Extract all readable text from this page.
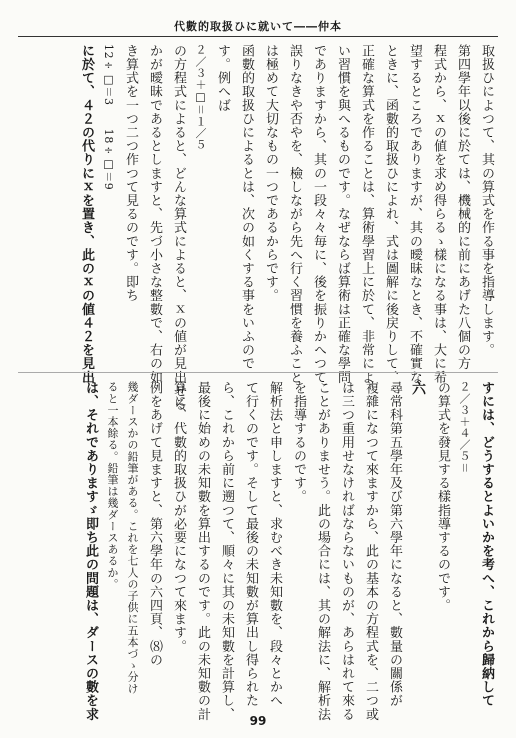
代數的取扱ひに就いて――仲本
取扱ひによつて、其の算式を作る事を指導します。
第四學年以後に於ては、機械的に前にあげた八個の方
程式から、ｘの値を求め得らるゝ樣になる事は、大に希
望するところでありますが、其の曖昧なとき、不確實な
ときに、函數的取扱ひによれ、式は圖解に後戻りして、
正確な算式を作ることは、算術學習上に於て、非常によ
い習慣を與へるものです。なぜならば算術は正確な學問
でありますから、其の一段々々毎に、後を振りかへつて
誤りなきや否やを、檢しながら先へ行く習慣を養ふこと
は極めて大切なもの一つであるからです。
函數的取扱ひによるとは、次の如くする事をいふので
す。例へば
２／３＋□＝１／５
の方程式によると、どんな算式によると、ｘの値が見出せる
かが曖昧であるとしますと、先づ小さな整數で、右の如
き算式を一つ二つ作つて見るのです。即ち
12÷□＝3　　18÷□＝9
に於て、４２の代りにｘを置き、此のｘの値４２を見出
すには、どうするとよいかを考へ、これから歸納して
２／３＋４／５＝
の算式を發見する樣指導するのです。
六
尋常科第五學年及び第六學年になると、數量の關係が
複雜になつて來ますから、此の基本の方程式を、二つ或
は三つ重用せなければならないものが、あらはれて來る
ことがありませう。此の場合には、其の解法に、解析法
を指導するのです。
解析法と申しますと、求むべき未知數を、段々とかへ
て行くのです。そして最後の未知數が算出し得られた
ら、これから前に遡つて、順々に其の未知數を計算し、
最後に始めの未知數を算出するのです。此の未知數の計
算に、代數的取扱ひが必要になつて來ます。
例をあげて見ますと、第六學年の六四頁、⑻の
幾ダースかの鉛筆がある。これを七人の子供に五本づゝ分け
ると一本餘る。鉛筆は幾ダースあるか。
は、それでありますゞ即ち此の問題は、ダースの數を求	99
